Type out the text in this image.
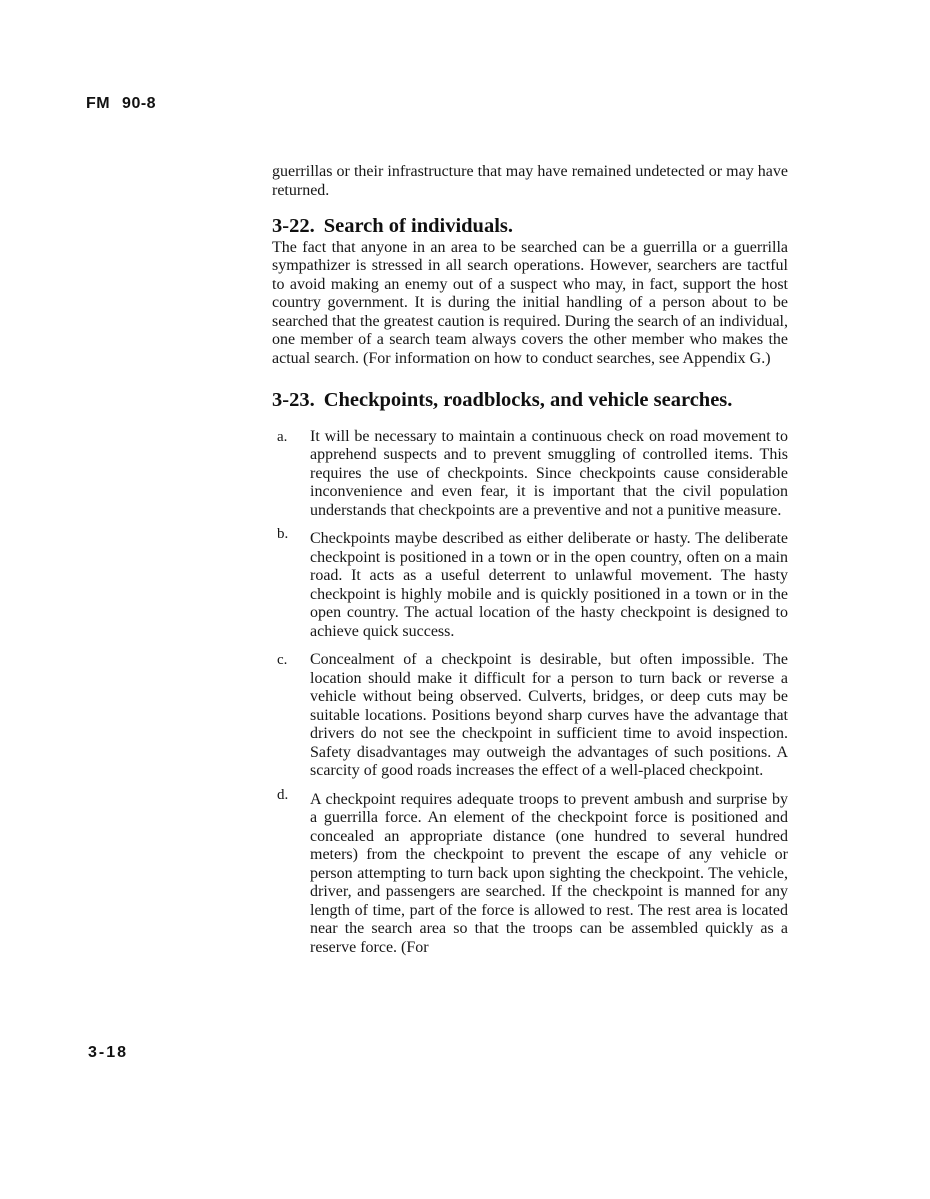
FM 90-8

guerrillas or their infrastructure that may have remained undetected or may have returned.

3-22. Search of individuals.

The fact that anyone in an area to be searched can be a guerrilla or a guerrilla sympathizer is stressed in all search operations. However, searchers are tactful to avoid making an enemy out of a suspect who may, in fact, support the host country government. It is during the initial handling of a person about to be searched that the greatest caution is required. During the search of an individual, one member of a search team always covers the other member who makes the actual search. (For information on how to conduct searches, see Appendix G.)

3-23. Checkpoints, roadblocks, and vehicle searches.
a.	It will be necessary to maintain a continuous check on road movement to apprehend suspects and to prevent smuggling of controlled items. This requires the use of checkpoints. Since checkpoints cause considerable inconvenience and even fear, it is important that the civil population understands that checkpoints are a preventive and not a punitive measure.

b.	Checkpoints maybe described as either deliberate or hasty. The deliberate checkpoint is positioned in a town or in the open country, often on a main road. It acts as a useful deterrent to unlawful movement. The hasty checkpoint is highly mobile and is quickly positioned in a town or in the open country. The actual location of the hasty checkpoint is designed to achieve quick success.

c.	Concealment of a checkpoint is desirable, but often impossible. The location should make it difficult for a person to turn back or reverse a vehicle without being observed. Culverts, bridges, or deep cuts may be suitable locations. Positions beyond sharp curves have the advantage that drivers do not see the checkpoint in sufficient time to avoid inspection. Safety disadvantages may outweigh the advantages of such positions. A scarcity of good roads increases the effect of a well-placed checkpoint.

d.	A checkpoint requires adequate troops to prevent ambush and surprise by a guerrilla force. An element of the checkpoint force is positioned and concealed an appropriate distance (one hundred to several hundred meters) from the checkpoint to prevent the escape of any vehicle or person attempting to turn back upon sighting the checkpoint. The vehicle, driver, and passengers are searched. If the checkpoint is manned for any length of time, part of the force is allowed to rest. The rest area is located near the search area so that the troops can be assembled quickly as a reserve force. (For

3-18
